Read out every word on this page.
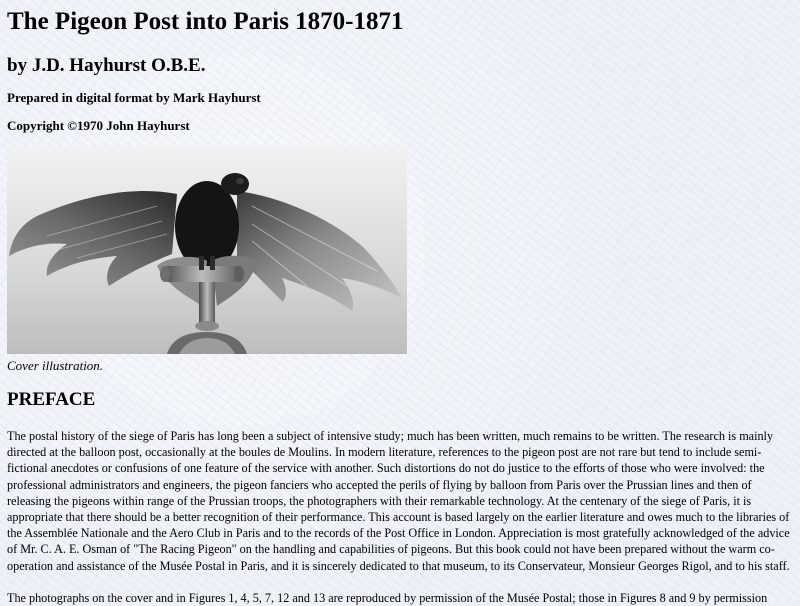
The Pigeon Post into Paris 1870-1871
by J.D. Hayhurst O.B.E.

Prepared in digital format by Mark Hayhurst

Copyright ©1970 John Hayhurst

Cover illustration.

PREFACE

The postal history of the siege of Paris has long been a subject of intensive study; much has been written, much remains to be written. The research is mainly directed at the balloon post, occasionally at the boules de Moulins. In modern literature, references to the pigeon post are not rare but tend to include semi-fictional anecdotes or confusions of one feature of the service with another. Such distortions do not do justice to the efforts of those who were involved: the professional administrators and engineers, the pigeon fanciers who accepted the perils of flying by balloon from Paris over the Prussian lines and then of releasing the pigeons within range of the Prussian troops, the photographers with their remarkable technology. At the centenary of the siege of Paris, it is appropriate that there should be a better recognition of their performance. This account is based largely on the earlier literature and owes much to the libraries of the Assemblée Nationale and the Aero Club in Paris and to the records of the Post Office in London. Appreciation is most gratefully acknowledged of the advice of Mr. C. A. E. Osman of "The Racing Pigeon" on the handling and capabilities of pigeons. But this book could not have been prepared without the warm co-operation and assistance of the Musée Postal in Paris, and it is sincerely dedicated to that museum, to its Conservateur, Monsieur Georges Rigol, and to his staff.

The photographs on the cover and in Figures 1, 4, 5, 7, 12 and 13 are reproduced by permission of the Musée Postal; those in Figures 8 and 9 by permission
